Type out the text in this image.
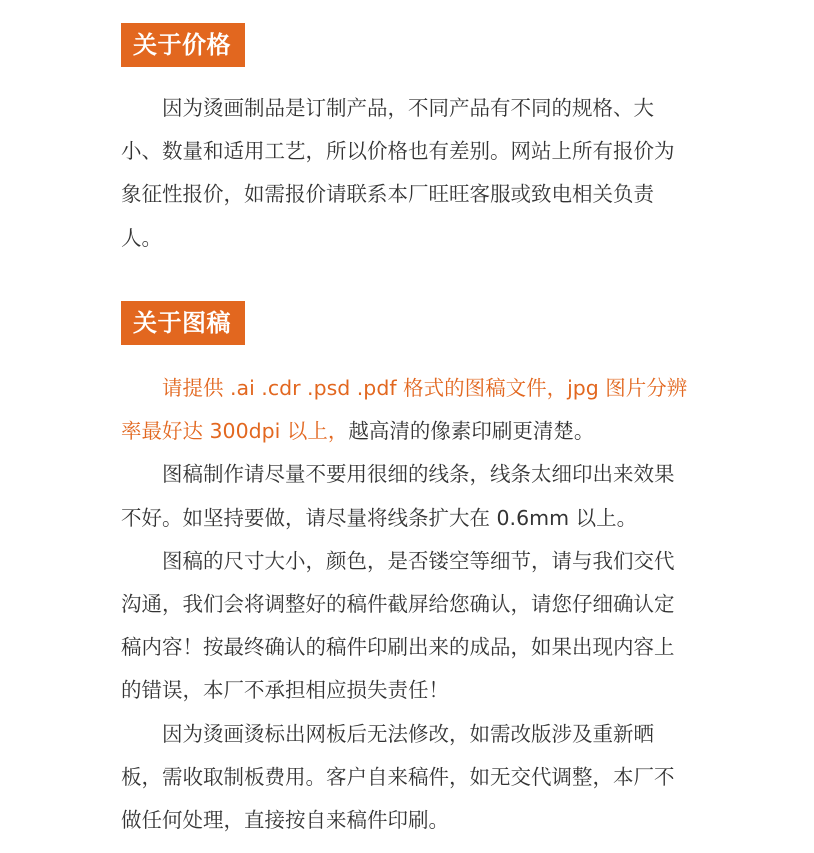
关于价格

因为烫画制品是订制产品，不同产品有不同的规格、大小、数量和适用工艺，所以价格也有差别。网站上所有报价为象征性报价，如需报价请联系本厂旺旺客服或致电相关负责人。

关于图稿

请提供 .ai .cdr .psd .pdf 格式的图稿文件，jpg 图片分辨率最好达 300dpi 以上，越高清的像素印刷更清楚。

图稿制作请尽量不要用很细的线条，线条太细印出来效果不好。如坚持要做，请尽量将线条扩大在 0.6mm 以上。

图稿的尺寸大小，颜色，是否镂空等细节，请与我们交代沟通，我们会将调整好的稿件截屏给您确认，请您仔细确认定稿内容！按最终确认的稿件印刷出来的成品，如果出现内容上的错误，本厂不承担相应损失责任！

因为烫画烫标出网板后无法修改，如需改版涉及重新晒板，需收取制板费用。客户自来稿件，如无交代调整，本厂不做任何处理，直接按自来稿件印刷。
